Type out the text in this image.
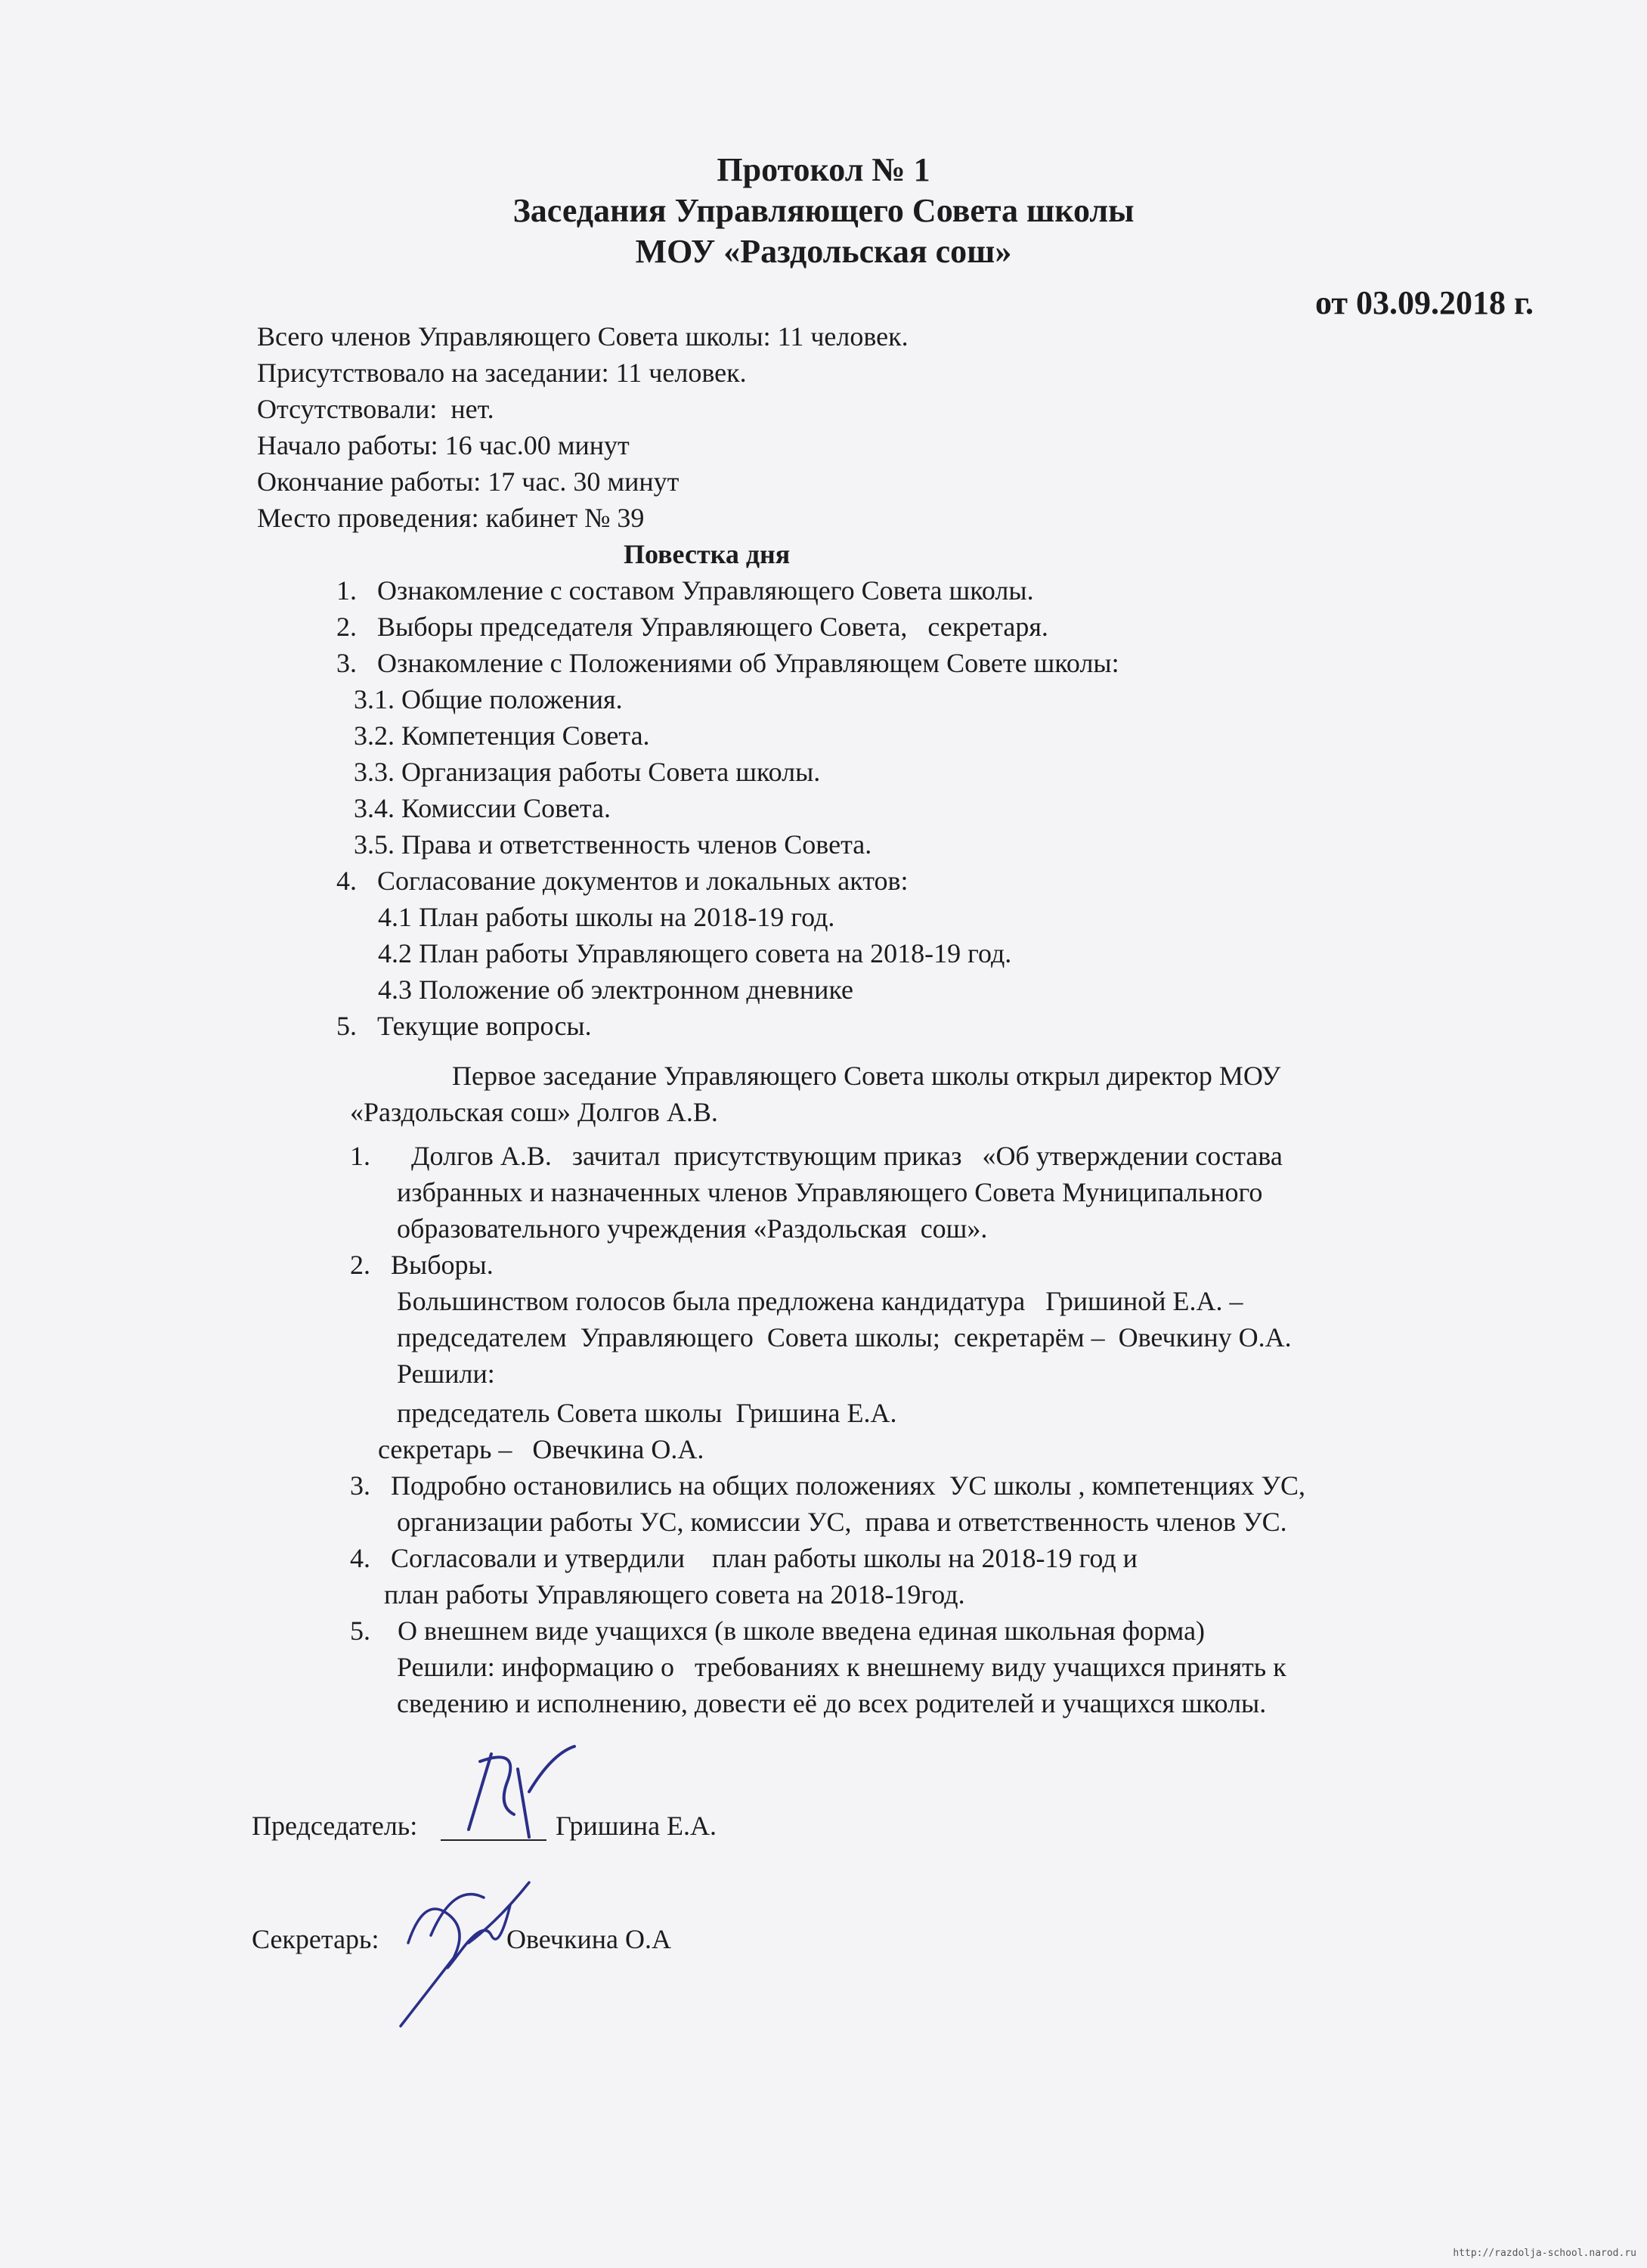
Протокол № 1
Заседания Управляющего Совета школы
МОУ «Раздольская сош»
от 03.09.2018 г.
Всего членов Управляющего Совета школы: 11 человек.
Присутствовало на заседании: 11 человек.
Отсутствовали:  нет.
Начало работы: 16 час.00 минут
Окончание работы: 17 час. 30 минут
Место проведения: кабинет № 39
Повестка дня
1.   Ознакомление с составом Управляющего Совета школы.
2.   Выборы председателя Управляющего Совета,   секретаря.
3.   Ознакомление с Положениями об Управляющем Совете школы:
3.1. Общие положения.
3.2. Компетенция Совета.
3.3. Организация работы Совета школы.
3.4. Комиссии Совета.
3.5. Права и ответственность членов Совета.
4.   Согласование документов и локальных актов:
4.1 План работы школы на 2018-19 год.
4.2 План работы Управляющего совета на 2018-19 год.
4.3 Положение об электронном дневнике
5.   Текущие вопросы.
Первое заседание Управляющего Совета школы открыл директор МОУ
«Раздольская сош» Долгов А.В.
1.      Долгов А.В.   зачитал  присутствующим приказ   «Об утверждении состава
избранных и назначенных членов Управляющего Совета Муниципального
образовательного учреждения «Раздольская  сош».
2.   Выборы.
Большинством голосов была предложена кандидатура   Гришиной Е.А. –
председателем  Управляющего  Совета школы;  секретарём –  Овечкину О.А.
Решили:
председатель Совета школы  Гришина Е.А.
секретарь –   Овечкина О.А.
3.   Подробно остановились на общих положениях  УС школы , компетенциях УС,
организации работы УС, комиссии УС,  права и ответственность членов УС.
4.   Согласовали и утвердили    план работы школы на 2018-19 год и
план работы Управляющего совета на 2018-19год.
5.    О внешнем виде учащихся (в школе введена единая школьная форма)
Решили: информацию о   требованиях к внешнему виду учащихся принять к
сведению и исполнению, довести её до всех родителей и учащихся школы.
Председатель:	Гришина Е.А.
Секретарь:	Овечкина О.А
http://razdolja-school.narod.ru
